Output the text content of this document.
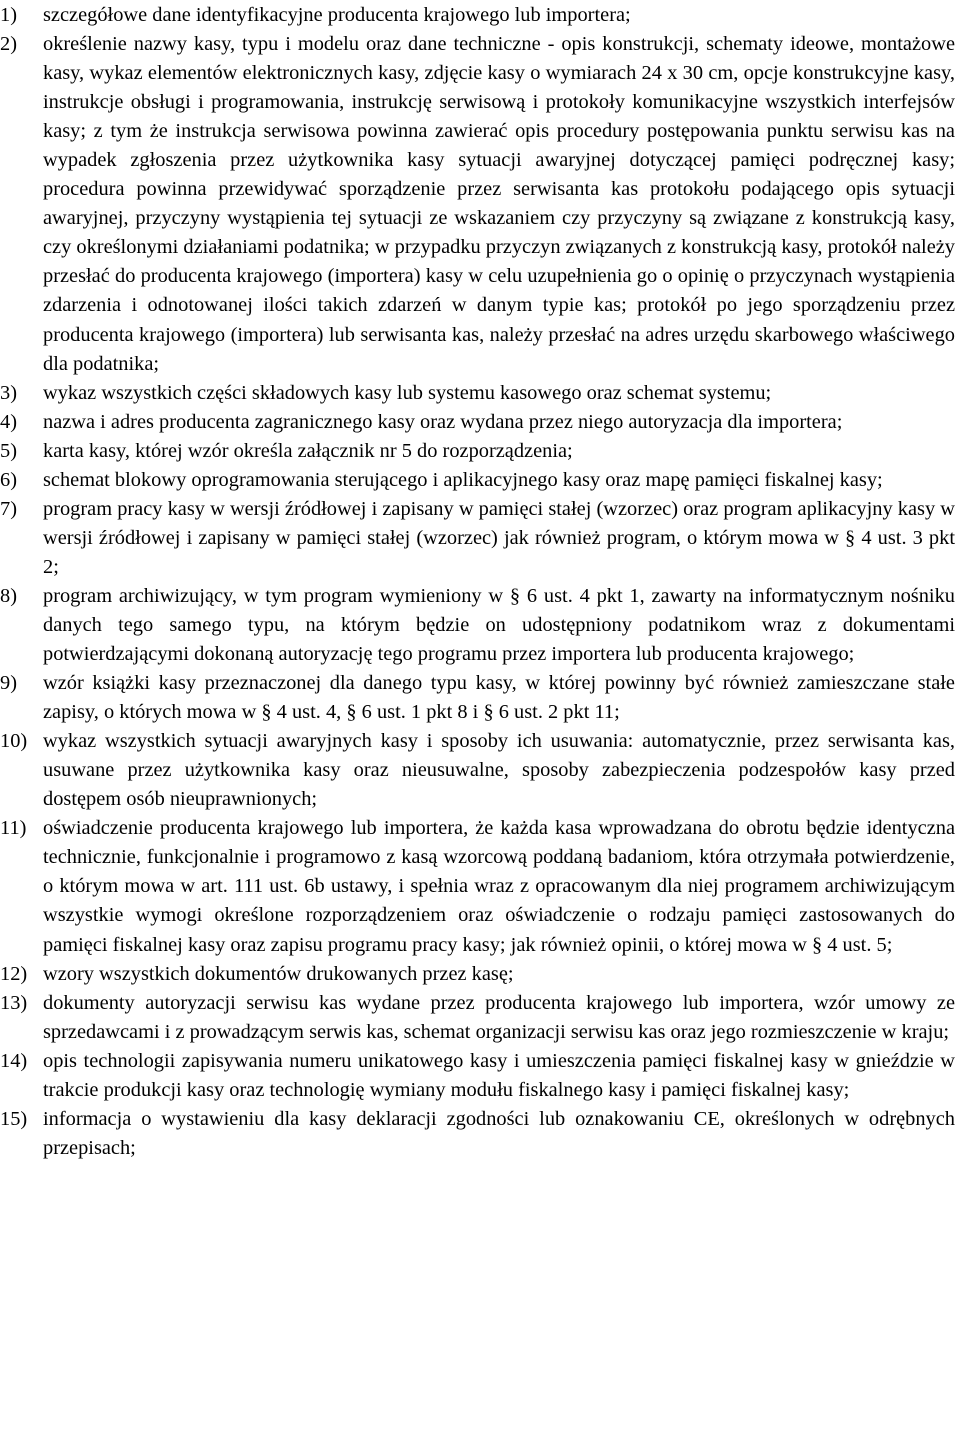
1)	szczegółowe dane identyfikacyjne producenta krajowego lub importera;
2)	określenie nazwy kasy, typu i modelu oraz dane techniczne - opis konstrukcji, schematy ideowe, montażowe kasy, wykaz elementów elektronicznych kasy, zdjęcie kasy o wymiarach 24 x 30 cm, opcje konstrukcyjne kasy, instrukcje obsługi i programowania, instrukcję serwisową i protokoły komunikacyjne wszystkich interfejsów kasy; z tym że instrukcja serwisowa powinna zawierać opis procedury postępowania punktu serwisu kas na wypadek zgłoszenia przez użytkownika kasy sytuacji awaryjnej dotyczącej pamięci podręcznej kasy; procedura powinna przewidywać sporządzenie przez serwisanta kas protokołu podającego opis sytuacji awaryjnej, przyczyny wystąpienia tej sytuacji ze wskazaniem czy przyczyny są związane z konstrukcją kasy, czy określonymi działaniami podatnika; w przypadku przyczyn związanych z konstrukcją kasy, protokół należy przesłać do producenta krajowego (importera) kasy w celu uzupełnienia go o opinię o przyczynach wystąpienia zdarzenia i odnotowanej ilości takich zdarzeń w danym typie kas; protokół po jego sporządzeniu przez producenta krajowego (importera) lub serwisanta kas, należy przesłać na adres urzędu skarbowego właściwego dla podatnika;
3)	wykaz wszystkich części składowych kasy lub systemu kasowego oraz schemat systemu;
4)	nazwa i adres producenta zagranicznego kasy oraz wydana przez niego autoryzacja dla importera;
5)	karta kasy, której wzór określa załącznik nr 5 do rozporządzenia;
6)	schemat blokowy oprogramowania sterującego i aplikacyjnego kasy oraz mapę pamięci fiskalnej kasy;
7)	program pracy kasy w wersji źródłowej i zapisany w pamięci stałej (wzorzec) oraz program aplikacyjny kasy w wersji źródłowej i zapisany w pamięci stałej (wzorzec) jak również program, o którym mowa w § 4 ust. 3 pkt 2;
8)	program archiwizujący, w tym program wymieniony w § 6 ust. 4 pkt 1, zawarty na informatycznym nośniku danych tego samego typu, na którym będzie on udostępniony podatnikom wraz z dokumentami potwierdzającymi dokonaną autoryzację tego programu przez importera lub producenta krajowego;
9)	wzór książki kasy przeznaczonej dla danego typu kasy, w której powinny być również zamieszczane stałe zapisy, o których mowa w § 4 ust. 4, § 6 ust. 1 pkt 8 i § 6 ust. 2 pkt 11;
10) wykaz wszystkich sytuacji awaryjnych kasy i sposoby ich usuwania: automatycznie, przez serwisanta kas, usuwane przez użytkownika kasy oraz nieusuwalne, sposoby zabezpieczenia podzespołów kasy przed dostępem osób nieuprawnionych;
11) oświadczenie producenta krajowego lub importera, że każda kasa wprowadzana do obrotu będzie identyczna technicznie, funkcjonalnie i programowo z kasą wzorcową poddaną badaniom, która otrzymała potwierdzenie, o którym mowa w art. 111 ust. 6b ustawy, i spełnia wraz z opracowanym dla niej programem archiwizującym wszystkie wymogi określone rozporządzeniem oraz oświadczenie o rodzaju pamięci zastosowanych do pamięci fiskalnej kasy oraz zapisu programu pracy kasy; jak również opinii, o której mowa w § 4 ust. 5;
12) wzory wszystkich dokumentów drukowanych przez kasę;
13) dokumenty autoryzacji serwisu kas wydane przez producenta krajowego lub importera, wzór umowy ze sprzedawcami i z prowadzącym serwis kas, schemat organizacji serwisu kas oraz jego rozmieszczenie w kraju;
14) opis technologii zapisywania numeru unikatowego kasy i umieszczenia pamięci fiskalnej kasy w gnieździe w trakcie produkcji kasy oraz technologię wymiany modułu fiskalnego kasy i pamięci fiskalnej kasy;
15) informacja o wystawieniu dla kasy deklaracji zgodności lub oznakowaniu CE, określonych w odrębnych przepisach;
